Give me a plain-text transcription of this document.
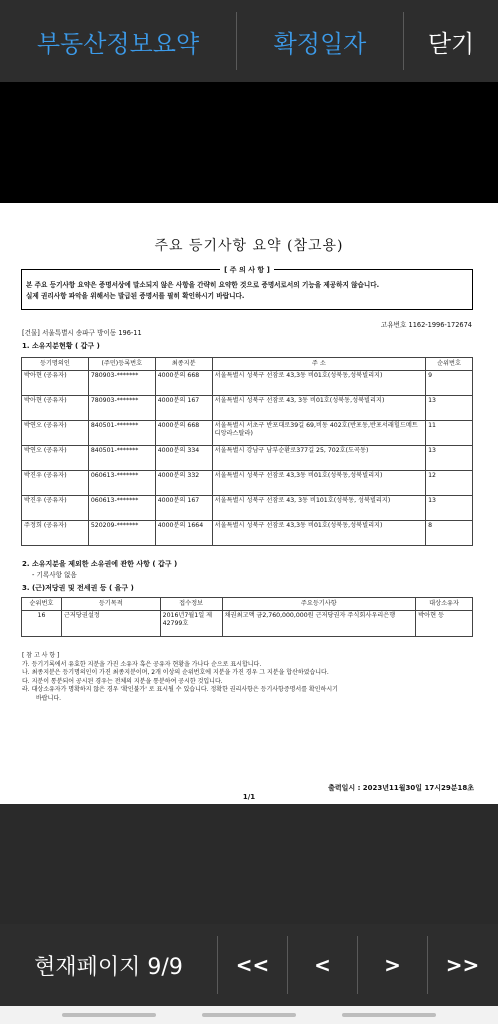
부동산정보요약	확정일자	닫기
주요 등기사항 요약 (참고용)
[ 주 의 사 항 ]
본 주요 등기사항 요약은 증명서상에 말소되지 않은 사항을 간략히 요약한 것으로 증명서로서의 기능을 제공하지 않습니다.
실제 권리사항 파악을 위해서는 발급된 증명서를 필히 확인하시기 바랍니다.
고유번호 1162-1996-172674
[건물] 서울특별시 송파구 방이동 196-11
1. 소유지분현황 ( 갑구 )
등기명의인	(주민)등록번호	최종지분	주 소	순위번호
박아현 (공유자)	780903-*******	4000분의 668	서울특별시 성북구 선잠로 43,3동 비01호(성북동,성북빌리지)	9
박아현 (공유자)	780903-*******	4000분의 167	서울특별시 성북구 선잠로 43, 3동 비01호(성북동,성북빌리지)	13
박연오 (공유자)	840501-*******	4000분의 668	서울특별시 서초구 반포대로39길 69,비동 402호(반포동,반포서래힐드메트디앙라스탈라)	11
박연오 (공유자)	840501-*******	4000분의 334	서울특별시 강남구 남부순환로377길 25, 702호(도곡동)	13
박진우 (공유자)	060613-*******	4000분의 332	서울특별시 성북구 선잠로 43,3동 비01호(성북동,성북빌리지)	12
박진우 (공유자)	060613-*******	4000분의 167	서울특별시 성북구 선잠로 43, 3동 비101호(성북동, 성북빌리지)	13
주정희 (공유자)	520209-*******	4000분의 1664	서울특별시 성북구 선잠로 43,3동 비01호(성북동,성북빌리지)	8
2. 소유지분을 제외한 소유권에 관한 사항 ( 갑구 )
- 기록사항 없음
3. (근)저당권 및 전세권 등 ( 을구 )
순위번호	등기목적	접수정보	주요등기사항	대상소유자
16	근저당권설정	2016년7월1일 제42799호	채권최고액 금2,760,000,000원 근저당권자 주식회사우리은행	박아현 등
[ 참 고 사 항 ]
가. 등기기록에서 유효한 지분을 가진 소유자 혹은 공유자 현황을 가나다 순으로 표시합니다.
나. 최종지분은 등기명의인이 가진 최종지분이며, 2개 이상의 순위번호에 지분을 가진 경우 그 지분을 합산하였습니다.
다. 지분이 통분되어 공시된 경우는 전체의 지분을 통분하여 공시한 것입니다.
라. 대상소유자가 명확하지 않은 경우 '확인불가' 로 표시될 수 있습니다. 정확한 권리사항은 등기사항증명서를 확인하시기
바랍니다.
출력일시 : 2023년11월30일 17시29분18초
1/1
현재페이지 9/9	<<	<	>	>>
